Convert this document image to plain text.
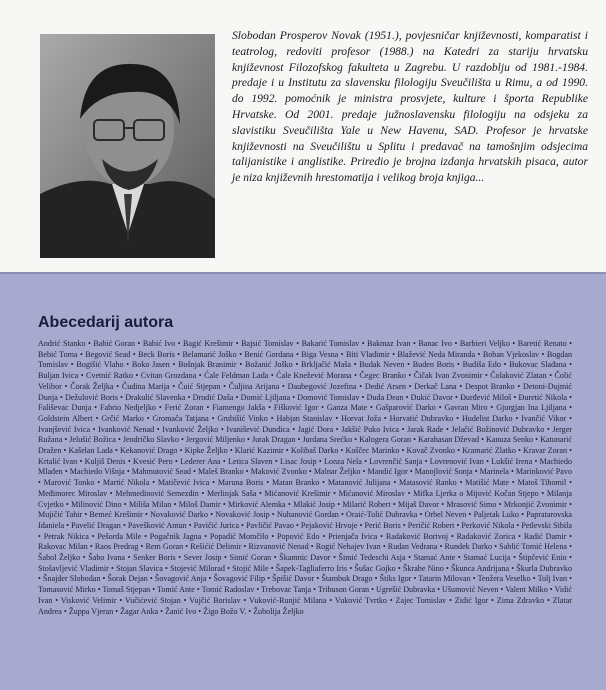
Slobodan Prosperov Novak (1951.), povjesničar književnosti, komparatist i teatrolog, redoviti profesor (1988.) na Katedri za stariju hrvatsku književnost Filozofskog fakulteta u Zagrebu. U razdoblju od 1981.-1984. predaje i u Institutu za slavensku filologiju Sveučilišta u Rimu, a od 1990. do 1992. pomoćnik je ministra prosvjete, kulture i športa Republike Hrvatske. Od 2001. predaje južnoslavensku filologiju na odsjeku za slavistiku Sveučilišta Yale u New Havenu, SAD. Profesor je hrvatske književnosti na Sveučilištu u Splitu i predavač na tamošnjim odsjecima talijanistike i anglistike. Priredio je brojna izdanja hrvatskih pisaca, autor je niza književnih hrestomatija i velikog broja knjiga...

Abecedarij autora

Andrić Stanko • Babić Goran • Babić Ivo • Bagić Krešimir • Bajsić Tomislav • Bakarić Tomislav • Bakmaz Ivan • Banac Ivo • Barbieri Veljko • Baretić Renato • Bebić Toma • Begović Sead • Beck Boris • Belamarić Joško • Benić Gordana • Biga Vesna • Biti Vladimir • Blažević Neda Miranda • Boban Vjekoslav • Bogdan Tomislav • Bogišić Vlaho • Boko Jasen • Bošnjak Branimir • Božanić Joško • Brkljačić Maša • Budak Neven • Buden Boris • Budiša Edo • Bukovac Slađana • Buljan Ivica • Cvetnić Ratko • Cvitan Grozdana • Ćale Feldman Lada • Ćale Knežević Morana • Čegec Branko • Čičak Ivan Zvonimir • Čolaković Zlatan • Čolić Velibor • Čorak Željka • Čudina Marija • Čuić Stjepan • Čuljina Arijana • Daubegović Jozefina • Dedić Arsen • Derkač Lana • Despot Branko • Detoni-Dujmić Dunja • Dežulović Boris • Drakulić Slavenka • Drndić Daša • Domić Ljiljana • Domović Tomislav • Duda Dean • Dukić Davor • Đurđević Miloš • Đuretić Nikola • Fališevac Dunja • Fabrio Nedjeljko • Ferić Zoran • Fiamengo Jakša • Fišković Igor • Ganza Mate • Gašparović Darko • Gavran Miro • Gjurgjan Ina Ljiljana • Goldstein Albert • Grčić Marko • Gromača Tatjana • Grubišić Vinko • Habjan Stanislav • Horvat Joža • Horvatić Dubravko • Hudelist Darko • Ivančić Vikor • Ivanjšević Ivica • Ivanković Nenad • Ivanković Željko • Ivanišević Dundica • Jagić Dora • Jakšić Puko Ivica • Jarak Rade • Jelačić Božinović Dubravko • Jerger Ružana • Jelušić Božica • Jendričko Slavko • Jergović Miljenko • Jurak Dragan • Jurdana Srećko • Kalogera Goran • Karahasan Dževad • Kanuza Senko • Katunarić Dražen • Kašelan Lada • Kekanović Drago • Kipke Željko • Klarić Kazimir • Kolibaš Darko • Koščec Marinko • Kovač Zvonko • Kramarić Zlatko • Kravar Zoran • Krtalić Ivan • Kuljiš Denis • Kvesić Pero • Lederer Ana • Letica Slaven • Lisac Josip • Lonza Nela • Lovrenčić Sanja • Lovrenović Ivan • Lukšić Irena • Machiedo Mladen • Machiedo Višnja • Mahmutović Sead • Maleš Branko • Maković Zvonko • Malnar Željko • Mandić Igor • Manojlović Sonja • Marinela • Marinković Pavo • Marović Tonko • Martić Nikola • Matičević Ivica • Maruna Boris • Matan Branko • Matanović Julijana • Matasović Ranko • Matišić Mate • Matoš Tihomil • Međimorec Miroslav • Mehmedinović Semezdin • Merlinjak Saša • Mićanović Krešimir • Mićanović Miroslav • Mifka Ljerka o Mijović Kočan Stjepo • Milanja Cvjetko • Milinović Dino • Miliša Milan • Miloš Damir • Mirković Alemka • Mlakić Josip • Milarić Robert • Mijaš Davor • Mrasović Simo • Mrkonjić Zvonimir • Mujičić Tahir • Bemeć Krešimir • Novaković Darko • Novaković Josip • Nuhanović Gordan • Oraić-Tolić Dubravka • Orbel Neven • Paljetak Luko • Papratarovska Idaniela • Pavelić Dragan • Pavešković Antun • Pavičić Jurica • Pavličić Pavao • Pejaković Hrvoje • Perić Boris • Peričić Robert • Perković Nikola • Petlevski Sibila • Petrak Nikica • Pešorda Mile • Pogačnik Jagna • Popadić Momčilo • Popović Edo • Prienjača Ivica • Radaković Borivoj • Radaković Zorica • Radić Damir • Rakovac Milan • Raos Predrag • Rem Goran • Rešićić Delimir • Rizvanović Nenad • Rogić Nehajev Ivan • Rudan Vedrana • Rundek Darko • Sablić Tomić Helena • Šabol Željko • Šabo Ivana • Senker Boris • Sever Josip • Simić Goran • Škamnic Davor • Šimić Tedeschi Asja • Stamać Ante • Stamać Lucija • Štipčević Enio • Stošavljević Vladimir • Stojan Slavica • Stojević Milorad • Stojić Mile • Šapek-Tagliaferro Iris • Šušac Gojko • Škrabe Nino • Škunca Andrijana • Škurla Dubravko • Šnajder Slobodan • Šorak Dejan • Šovagović Anja • Šovagović Filip • Špišić Davor • Štambuk Drago • Štiks Igor • Tatarin Milovan • Tenžera Veselko • Tolj Ivan • Tomasović Mirko • Tomaš Stjepan • Tomić Ante • Tomić Radoslav • Trebovac Tanja • Tribuson Goran • Ugrešić Dubravka • Ušumović Neven • Valent Milko • Vidić Ivan • Visković Velimir • Vučićević Stojan • Vujčić Borislav • Vuković-Runjić Milana • Vuković Tvrtko • Zajec Tomislav • Zidić Igor • Zima Zdravko • Zlatar Andrea • Župpa Vjeran • Žagar Anka • Žanić Ivo • Žigo Božo V. • Žuboliја Željko
